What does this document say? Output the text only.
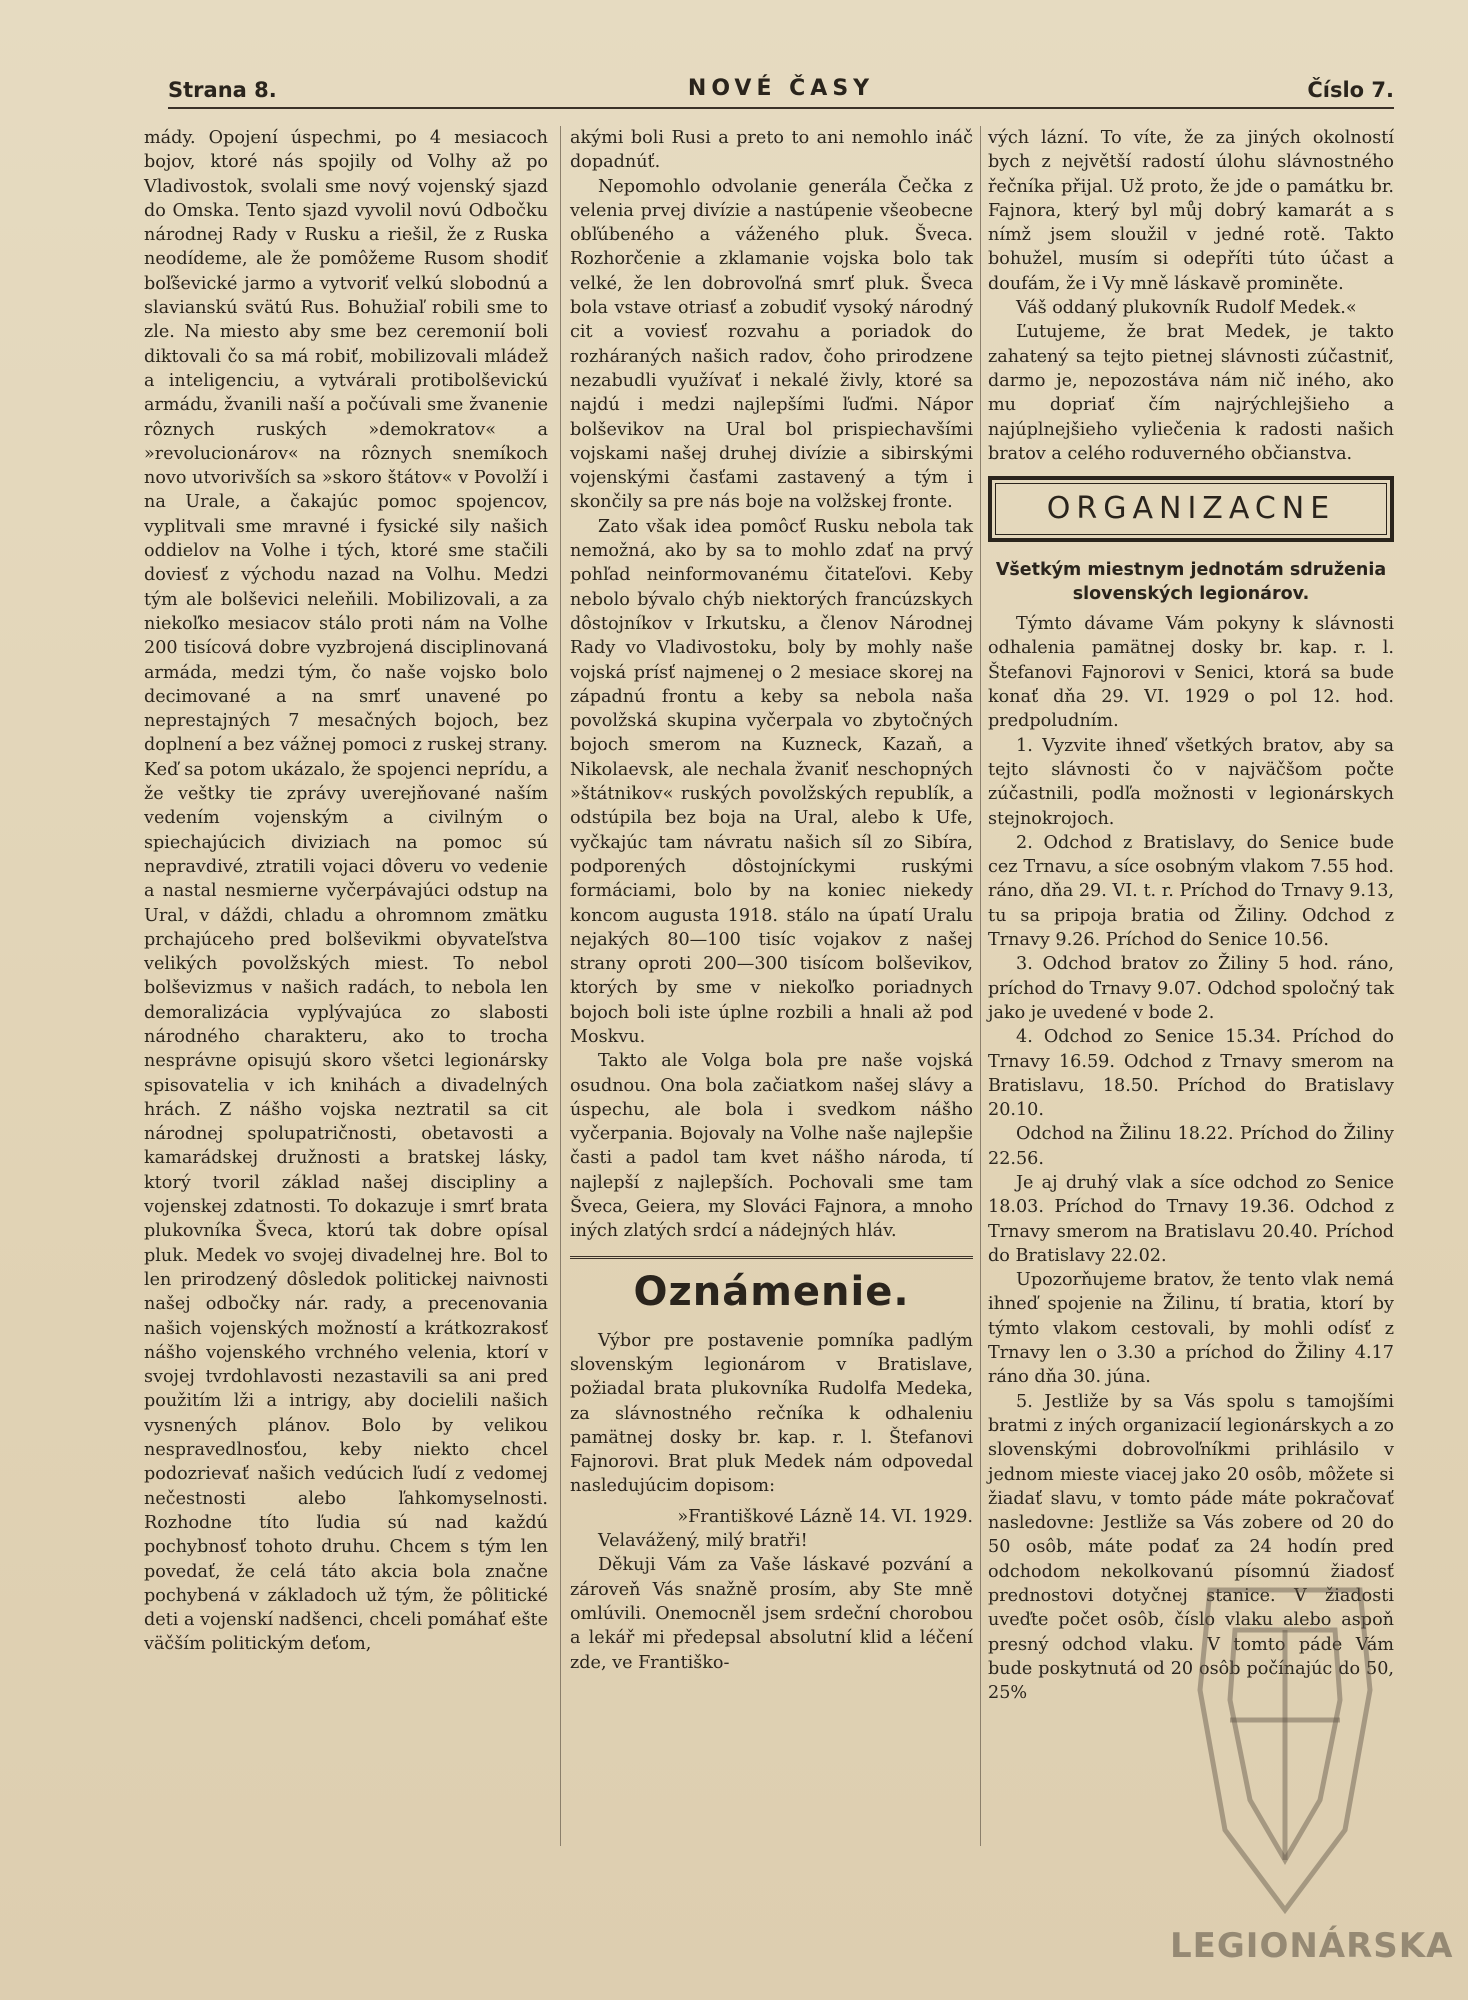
Strana 8.	NOVÉ ČASY	Číslo 7.

mády. Opojení úspechmi, po 4 mesiacoch bojov, ktoré nás spojily od Volhy až po Vladivostok, svolali sme nový vojenský sjazd do Omska. Tento sjazd vyvolil novú Odbočku národnej Rady v Rusku a riešil, že z Ruska neodídeme, ale že pomôžeme Rusom shodiť boľševické jarmo a vytvoriť velkú slobodnú a slavianskú svätú Rus. Bohužiaľ robili sme to zle. Na miesto aby sme bez ceremonií boli diktovali čo sa má robiť, mobilizovali mládež a inteligenciu, a vytvárali protibolševickú armádu, žvanili naší a počúvali sme žvanenie rôznych ruských »demokratov« a »revolucionárov« na rôznych snemíkoch novo utvorivších sa »skoro štátov« v Povolží i na Urale, a čakajúc pomoc spojencov, vyplitvali sme mravné i fysické sily našich oddielov na Volhe i tých, ktoré sme stačili doviesť z východu nazad na Volhu. Medzi tým ale bolševici neleňili. Mobilizovali, a za niekoľko mesiacov stálo proti nám na Volhe 200 tisícová dobre vyzbrojená disciplinovaná armáda, medzi tým, čo naše vojsko bolo decimované a na smrť unavené po neprestajných 7 mesačných bojoch, bez doplnení a bez vážnej pomoci z ruskej strany. Keď sa potom ukázalo, že spojenci neprídu, a že veštky tie zprávy uverejňované naším vedením vojenským a civilným o spiechajúcich diviziach na pomoc sú nepravdivé, ztratili vojaci dôveru vo vedenie a nastal nesmierne vyčerpávajúci odstup na Ural, v dáždi, chladu a ohromnom zmätku prchajúceho pred bolševikmi obyvateľstva velikých povolžských miest. To nebol bolševizmus v našich radách, to nebola len demoralizácia vyplývajúca zo slabosti národného charakteru, ako to trocha nesprávne opisujú skoro všetci legionársky spisovatelia v ich knihách a divadelných hrách. Z nášho vojska neztratil sa cit národnej spolupatričnosti, obetavosti a kamarádskej družnosti a bratskej lásky, ktorý tvoril základ našej discipliny a vojenskej zdatnosti. To dokazuje i smrť brata plukovníka Šveca, ktorú tak dobre opísal pluk. Medek vo svojej divadelnej hre. Bol to len prirodzený dôsledok politickej naivnosti našej odbočky nár. rady, a precenovania našich vojenských možností a krátkozrakosť nášho vojenského vrchného velenia, ktorí v svojej tvrdohlavosti nezastavili sa ani pred použitím lži a intrigy, aby docielili našich vysnených plánov. Bolo by velikou nespravedlnosťou, keby niekto chcel podozrievať našich vedúcich ľudí z vedomej nečestnosti alebo ľahkomyselnosti. Rozhodne títo ľudia sú nad každú pochybnosť tohoto druhu. Chcem s tým len povedať, že celá táto akcia bola značne pochybená v základoch už tým, že pôlitické deti a vojenskí nadšenci, chceli pomáhať ešte väčším politickým deťom,

akými boli Rusi a preto to ani nemohlo ináč dopadnúť.

Nepomohlo odvolanie generála Čečka z velenia prvej divízie a nastúpenie všeobecne obľúbeného a váženého pluk. Šveca. Rozhorčenie a zklamanie vojska bolo tak velké, že len dobrovoľná smrť pluk. Šveca bola vstave otriasť a zobudiť vysoký národný cit a voviesť rozvahu a poriadok do rozháraných našich radov, čoho prirodzene nezabudli využívať i nekalé živly, ktoré sa najdú i medzi najlepšími ľuďmi. Nápor bolševikov na Ural bol prispiechavšími vojskami našej druhej divízie a sibirskými vojenskými časťami zastavený a tým i skončily sa pre nás boje na volžskej fronte.

Zato však idea pomôcť Rusku nebola tak nemožná, ako by sa to mohlo zdať na prvý pohľad neinformovanému čitateľovi. Keby nebolo bývalo chýb niektorých francúzskych dôstojníkov v Irkutsku, a členov Národnej Rady vo Vladivostoku, boly by mohly naše vojská prísť najmenej o 2 mesiace skorej na západnú frontu a keby sa nebola naša povolžská skupina vyčerpala vo zbytočných bojoch smerom na Kuzneck, Kazaň, a Nikolaevsk, ale nechala žvaniť neschopných »štátnikov« ruských povolžských republík, a odstúpila bez boja na Ural, alebo k Ufe, vyčkajúc tam návratu našich síl zo Sibíra, podporených dôstojníckymi ruskými formáciami, bolo by na koniec niekedy koncom augusta 1918. stálo na úpatí Uralu nejakých 80—100 tisíc vojakov z našej strany oproti 200—300 tisícom bolševikov, ktorých by sme v niekoľko poriadnych bojoch boli iste úplne rozbili a hnali až pod Moskvu.

Takto ale Volga bola pre naše vojská osudnou. Ona bola začiatkom našej slávy a úspechu, ale bola i svedkom nášho vyčerpania. Bojovaly na Volhe naše najlepšie časti a padol tam kvet nášho národa, tí najlepší z najlepších. Pochovali sme tam Šveca, Geiera, my Slováci Fajnora, a mnoho iných zlatých srdcí a nádejných hláv.

Oznámenie.

Výbor pre postavenie pomníka padlým slovenským legionárom v Bratislave, požiadal brata plukovníka Rudolfa Medeka, za slávnostného rečníka k odhaleniu pamätnej dosky br. kap. r. l. Štefanovi Fajnorovi. Brat pluk Medek nám odpovedal nasledujúcim dopisom:

»Františkové Lázně 14. VI. 1929.

Velavážený, milý bratři!

Děkuji Vám za Vaše láskavé pozvání a zároveň Vás snažně prosím, aby Ste mně omlúvili. Onemocněl jsem srdeční chorobou a lekář mi předepsal absolutní klid a léčení zde, ve Františko-

vých lázní. To víte, že za jiných okolností bych z největší radostí úlohu slávnostného řečníka přijal. Už proto, že jde o památku br. Fajnora, který byl můj dobrý kamarát a s nímž jsem sloužil v jedné rotě. Takto bohužel, musím si odepříti túto účast a doufám, že i Vy mně láskavě prominěte.

Váš oddaný plukovník Rudolf Medek.«

Ľutujeme, že brat Medek, je takto zahatený sa tejto pietnej slávnosti zúčastniť, darmo je, nepozostáva nám nič iného, ako mu dopriať čím najrýchlejšieho a najúplnejšieho vyliečenia k radosti našich bratov a celého roduverného občianstva.

ORGANIZACNE
Všetkým miestnym jednotám sdruženia slovenských legionárov.

Týmto dávame Vám pokyny k slávnosti odhalenia pamätnej dosky br. kap. r. l. Štefanovi Fajnorovi v Senici, ktorá sa bude konať dňa 29. VI. 1929 o pol 12. hod. predpoludním.

1. Vyzvite ihneď všetkých bratov, aby sa tejto slávnosti čo v najväčšom počte zúčastnili, podľa možnosti v legionárskych stejnokrojoch.

2. Odchod z Bratislavy, do Senice bude cez Trnavu, a síce osobným vlakom 7.55 hod. ráno, dňa 29. VI. t. r. Príchod do Trnavy 9.13, tu sa pripoja bratia od Žiliny. Odchod z Trnavy 9.26. Príchod do Senice 10.56.

3. Odchod bratov zo Žiliny 5 hod. ráno, príchod do Trnavy 9.07. Odchod spoločný tak jako je uvedené v bode 2.

4. Odchod zo Senice 15.34. Príchod do Trnavy 16.59. Odchod z Trnavy smerom na Bratislavu, 18.50. Príchod do Bratislavy 20.10.

Odchod na Žilinu 18.22. Príchod do Žiliny 22.56.

Je aj druhý vlak a síce odchod zo Senice 18.03. Príchod do Trnavy 19.36. Odchod z Trnavy smerom na Bratislavu 20.40. Príchod do Bratislavy 22.02.

Upozorňujeme bratov, že tento vlak nemá ihneď spojenie na Žilinu, tí bratia, ktorí by týmto vlakom cestovali, by mohli odísť z Trnavy len o 3.30 a príchod do Žiliny 4.17 ráno dňa 30. júna.

5. Jestliže by sa Vás spolu s tamojšími bratmi z iných organizacií legionárskych a zo slovenskými dobrovoľníkmi prihlásilo v jednom mieste viacej jako 20 osôb, môžete si žiadať slavu, v tomto páde máte pokračovať nasledovne: Jestliže sa Vás zobere od 20 do 50 osôb, máte podať za 24 hodín pred odchodom nekolkovanú písomnú žiadosť prednostovi dotyčnej stanice. V žiadosti uveďte počet osôb, číslo vlaku alebo aspoň presný odchod vlaku. V tomto páde Vám bude poskytnutá od 20 osôb počínajúc do 50, 25%

LEGIONÁRSKA
